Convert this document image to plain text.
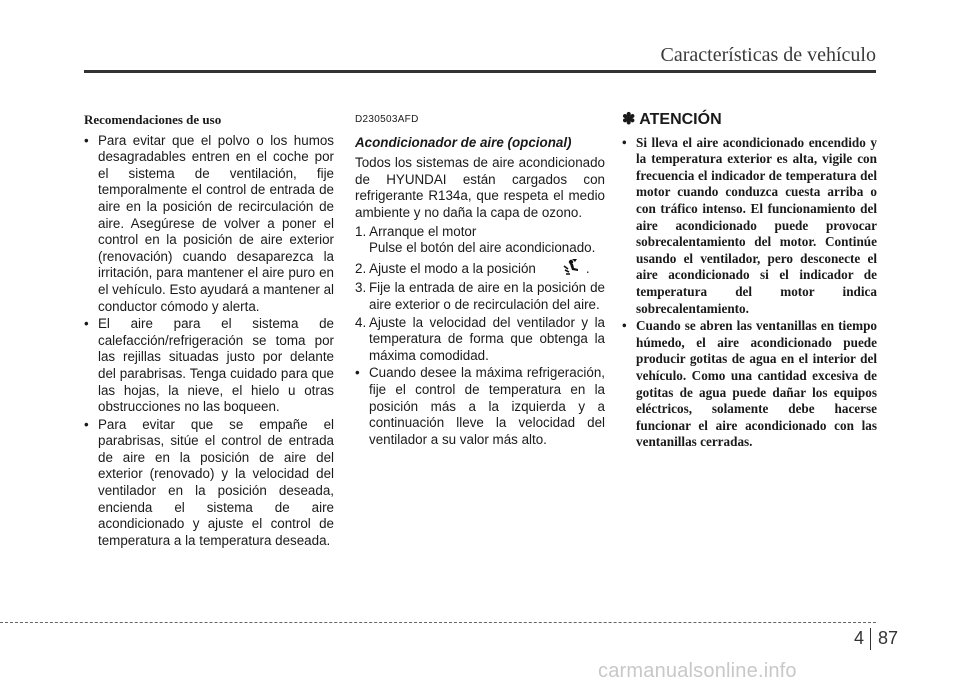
Características de vehículo

Recomendaciones de uso

• Para evitar que el polvo o los humos desagradables entren en el coche por el sistema de ventilación, fije temporalmente el control de entrada de aire en la posición de recirculación de aire. Asegúrese de volver a poner el control en la posición de aire exterior (renovación) cuando desaparezca la irritación, para mantener el aire puro en el vehículo. Esto ayudará a mantener al conductor cómodo y alerta.
• El aire para el sistema de calefacción/refrigeración se toma por las rejillas situadas justo por delante del parabrisas. Tenga cuidado para que las hojas, la nieve, el hielo u otras obstrucciones no las boqueen.
• Para evitar que se empañe el parabrisas, sitúe el control de entrada de aire en la posición de aire del exterior (renovado) y la velocidad del ventilador en la posición deseada, encienda el sistema de aire acondicionado y ajuste el control de temperatura a la temperatura deseada.

D230503AFD

Acondicionador de aire (opcional)

Todos los sistemas de aire acondicionado de HYUNDAI están cargados con refrigerante R134a, que respeta el medio ambiente y no daña la capa de ozono.

1. Arranque el motor

Pulse el botón del aire acondicionado.

2. Ajuste el modo a la posición	.

3. Fije la entrada de aire en la posición de aire exterior o de recirculación del aire.
4. Ajuste la velocidad del ventilador y la temperatura de forma que obtenga la máxima comodidad.
• Cuando desee la máxima refrigeración, fije el control de temperatura en la posición más a la izquierda y a continuación lleve la velocidad del ventilador a su valor más alto.

✽ ATENCIÓN

• Si lleva el aire acondicionado encendido y la temperatura exterior es alta, vigile con frecuencia el indicador de temperatura del motor cuando conduzca cuesta arriba o con tráfico intenso. El funcionamiento del aire acondicionado puede provocar sobrecalentamiento del motor. Continúe usando el ventilador, pero desconecte el aire acondicionado si el indicador de temperatura del motor indica sobrecalentamiento.
• Cuando se abren las ventanillas en tiempo húmedo, el aire acondicionado puede producir gotitas de agua en el interior del vehículo. Como una cantidad excesiva de gotitas de agua puede dañar los equipos eléctricos, solamente debe hacerse funcionar el aire acondicionado con las ventanillas cerradas.
4 87
carmanualsonline.info
